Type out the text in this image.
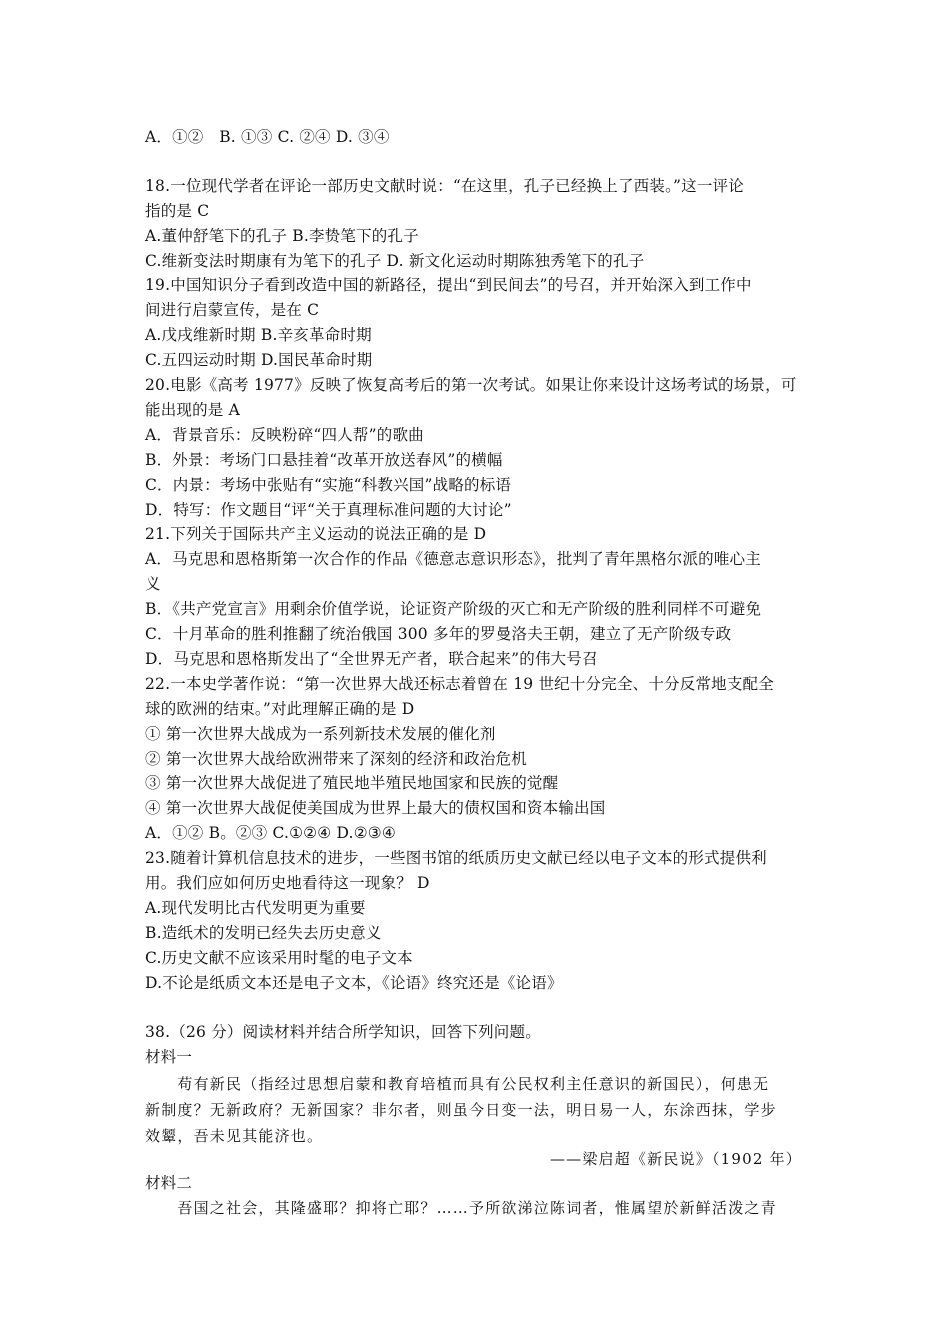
A．①②　B. ①③ C. ②④ D. ③④
18.一位现代学者在评论一部历史文献时说：“在这里，孔子已经换上了西装。”这一评论
指的是 C
A.董仲舒笔下的孔子 B.李贽笔下的孔子
C.维新变法时期康有为笔下的孔子 D. 新文化运动时期陈独秀笔下的孔子
19.中国知识分子看到改造中国的新路径，提出“到民间去”的号召，并开始深入到工作中
间进行启蒙宣传，是在 C
A.戊戌维新时期 B.辛亥革命时期
C.五四运动时期 D.国民革命时期
20.电影《高考 1977》反映了恢复高考后的第一次考试。如果让你来设计这场考试的场景，可
能出现的是 A
A．背景音乐：反映粉碎“四人帮”的歌曲
B．外景：考场门口悬挂着“改革开放送春风”的横幅
C．内景：考场中张贴有“实施“科教兴国”战略的标语
D．特写：作文题目“评“关于真理标准问题的大讨论”
21.下列关于国际共产主义运动的说法正确的是 D
A．马克思和恩格斯第一次合作的作品《德意志意识形态》，批判了青年黑格尔派的唯心主
义
B．《共产党宣言》用剩余价值学说，论证资产阶级的灭亡和无产阶级的胜利同样不可避免
C．十月革命的胜利推翻了统治俄国 300 多年的罗曼洛夫王朝，建立了无产阶级专政
D．马克思和恩格斯发出了“全世界无产者，联合起来”的伟大号召
22.一本史学著作说：“第一次世界大战还标志着曾在 19 世纪十分完全、十分反常地支配全
球的欧洲的结束。”对此理解正确的是 D
① 第一次世界大战成为一系列新技术发展的催化剂
② 第一次世界大战给欧洲带来了深刻的经济和政治危机
③ 第一次世界大战促进了殖民地半殖民地国家和民族的觉醒
④ 第一次世界大战促使美国成为世界上最大的债权国和资本输出国
A．①② B。②③ C.①②④ D.②③④
23.随着计算机信息技术的进步，一些图书馆的纸质历史文献已经以电子文本的形式提供利
用。我们应如何历史地看待这一现象？ D
A.现代发明比古代发明更为重要
B.造纸术的发明已经失去历史意义
C.历史文献不应该采用时髦的电子文本
D.不论是纸质文本还是电子文本，《论语》终究还是《论语》
38.（26 分）阅读材料并结合所学知识，回答下列问题。
材料一
　　苟有新民（指经过思想启蒙和教育培植而具有公民权利主任意识的新国民），何患无
新制度？无新政府？无新国家？非尔者，则虽今日变一法，明日易一人，东涂西抹，学步
效颦，吾未见其能济也。
——梁启超《新民说》（1902 年）
材料二
　　吾国之社会，其隆盛耶？抑将亡耶？……予所欲涕泣陈词者，惟属望於新鲜活泼之青
